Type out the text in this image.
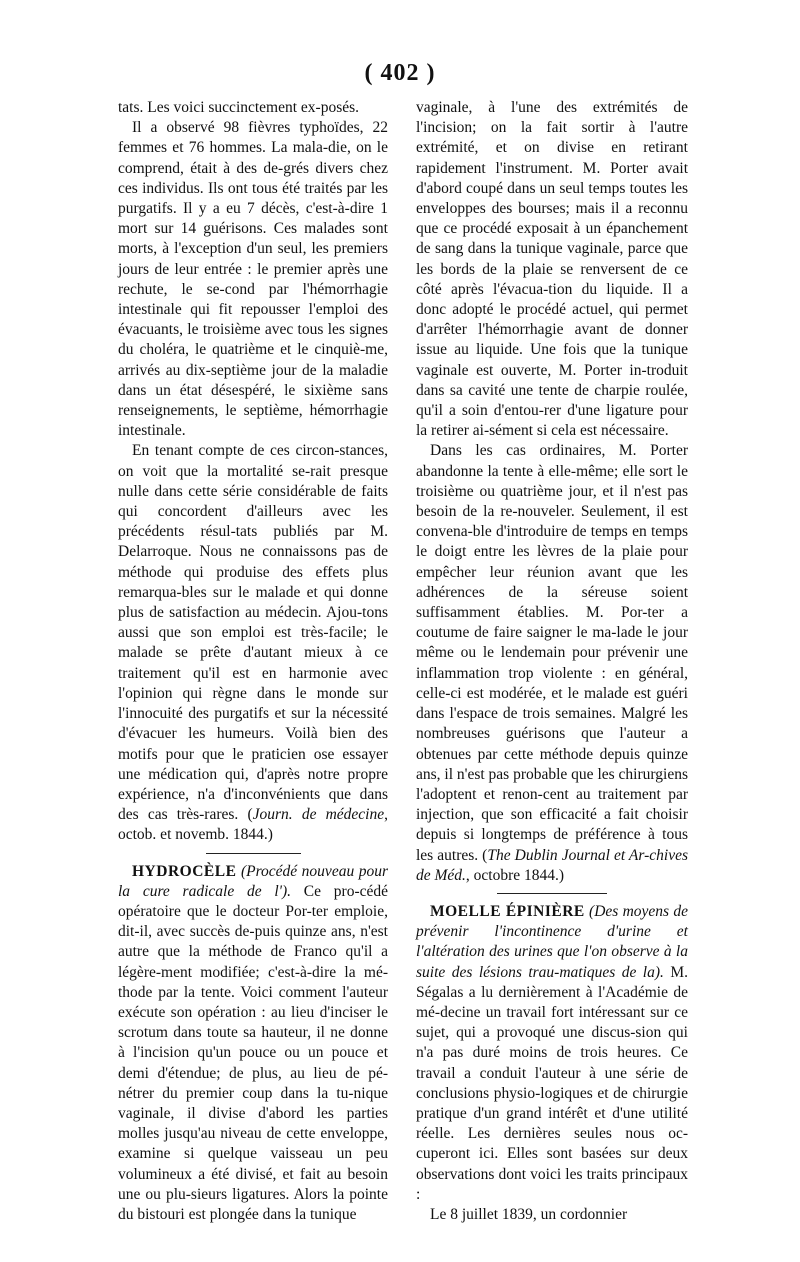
( 402 )

tats. Les voici succinctement ex-posés.

Il a observé 98 fièvres typhoïdes, 22 femmes et 76 hommes. La mala-die, on le comprend, était à des de-grés divers chez ces individus. Ils ont tous été traités par les purgatifs. Il y a eu 7 décès, c'est-à-dire 1 mort sur 14 guérisons. Ces malades sont morts, à l'exception d'un seul, les premiers jours de leur entrée : le premier après une rechute, le se-cond par l'hémorrhagie intestinale qui fit repousser l'emploi des évacuants, le troisième avec tous les signes du choléra, le quatrième et le cinquiè-me, arrivés au dix-septième jour de la maladie dans un état désespéré, le sixième sans renseignements, le septième, hémorrhagie intestinale.

En tenant compte de ces circon-stances, on voit que la mortalité se-rait presque nulle dans cette série considérable de faits qui concordent d'ailleurs avec les précédents résul-tats publiés par M. Delarroque. Nous ne connaissons pas de méthode qui produise des effets plus remarqua-bles sur le malade et qui donne plus de satisfaction au médecin. Ajou-tons aussi que son emploi est très-facile; le malade se prête d'autant mieux à ce traitement qu'il est en harmonie avec l'opinion qui règne dans le monde sur l'innocuité des purgatifs et sur la nécessité d'évacuer les humeurs. Voilà bien des motifs pour que le praticien ose essayer une médication qui, d'après notre propre expérience, n'a d'inconvénients que dans des cas très-rares. (Journ. de médecine, octob. et novemb. 1844.)

HYDROCÈLE (Procédé nouveau pour la cure radicale de l'). Ce pro-cédé opératoire que le docteur Por-ter emploie, dit-il, avec succès de-puis quinze ans, n'est autre que la méthode de Franco qu'il a légère-ment modifiée; c'est-à-dire la mé-thode par la tente. Voici comment l'auteur exécute son opération : au lieu d'inciser le scrotum dans toute sa hauteur, il ne donne à l'incision qu'un pouce ou un pouce et demi d'étendue; de plus, au lieu de pé-nétrer du premier coup dans la tu-nique vaginale, il divise d'abord les parties molles jusqu'au niveau de cette enveloppe, examine si quelque vaisseau un peu volumineux a été divisé, et fait au besoin une ou plu-sieurs ligatures. Alors la pointe du bistouri est plongée dans la tunique

vaginale, à l'une des extrémités de l'incision; on la fait sortir à l'autre extrémité, et on divise en retirant rapidement l'instrument. M. Porter avait d'abord coupé dans un seul temps toutes les enveloppes des bourses; mais il a reconnu que ce procédé exposait à un épanchement de sang dans la tunique vaginale, parce que les bords de la plaie se renversent de ce côté après l'évacua-tion du liquide. Il a donc adopté le procédé actuel, qui permet d'arrêter l'hémorrhagie avant de donner issue au liquide. Une fois que la tunique vaginale est ouverte, M. Porter in-troduit dans sa cavité une tente de charpie roulée, qu'il a soin d'entou-rer d'une ligature pour la retirer ai-sément si cela est nécessaire.

Dans les cas ordinaires, M. Porter abandonne la tente à elle-même; elle sort le troisième ou quatrième jour, et il n'est pas besoin de la re-nouveler. Seulement, il est convena-ble d'introduire de temps en temps le doigt entre les lèvres de la plaie pour empêcher leur réunion avant que les adhérences de la séreuse soient suffisamment établies. M. Por-ter a coutume de faire saigner le ma-lade le jour même ou le lendemain pour prévenir une inflammation trop violente : en général, celle-ci est modérée, et le malade est guéri dans l'espace de trois semaines. Malgré les nombreuses guérisons que l'auteur a obtenues par cette méthode depuis quinze ans, il n'est pas probable que les chirurgiens l'adoptent et renon-cent au traitement par injection, que son efficacité a fait choisir depuis si longtemps de préférence à tous les autres. (The Dublin Journal et Ar-chives de Méd., octobre 1844.)

MOELLE ÉPINIÈRE (Des moyens de prévenir l'incontinence d'urine et l'altération des urines que l'on observe à la suite des lésions trau-matiques de la). M. Ségalas a lu dernièrement à l'Académie de mé-decine un travail fort intéressant sur ce sujet, qui a provoqué une discus-sion qui n'a pas duré moins de trois heures. Ce travail a conduit l'auteur à une série de conclusions physio-logiques et de chirurgie pratique d'un grand intérêt et d'une utilité réelle. Les dernières seules nous oc-cuperont ici. Elles sont basées sur deux observations dont voici les traits principaux :

Le 8 juillet 1839, un cordonnier
